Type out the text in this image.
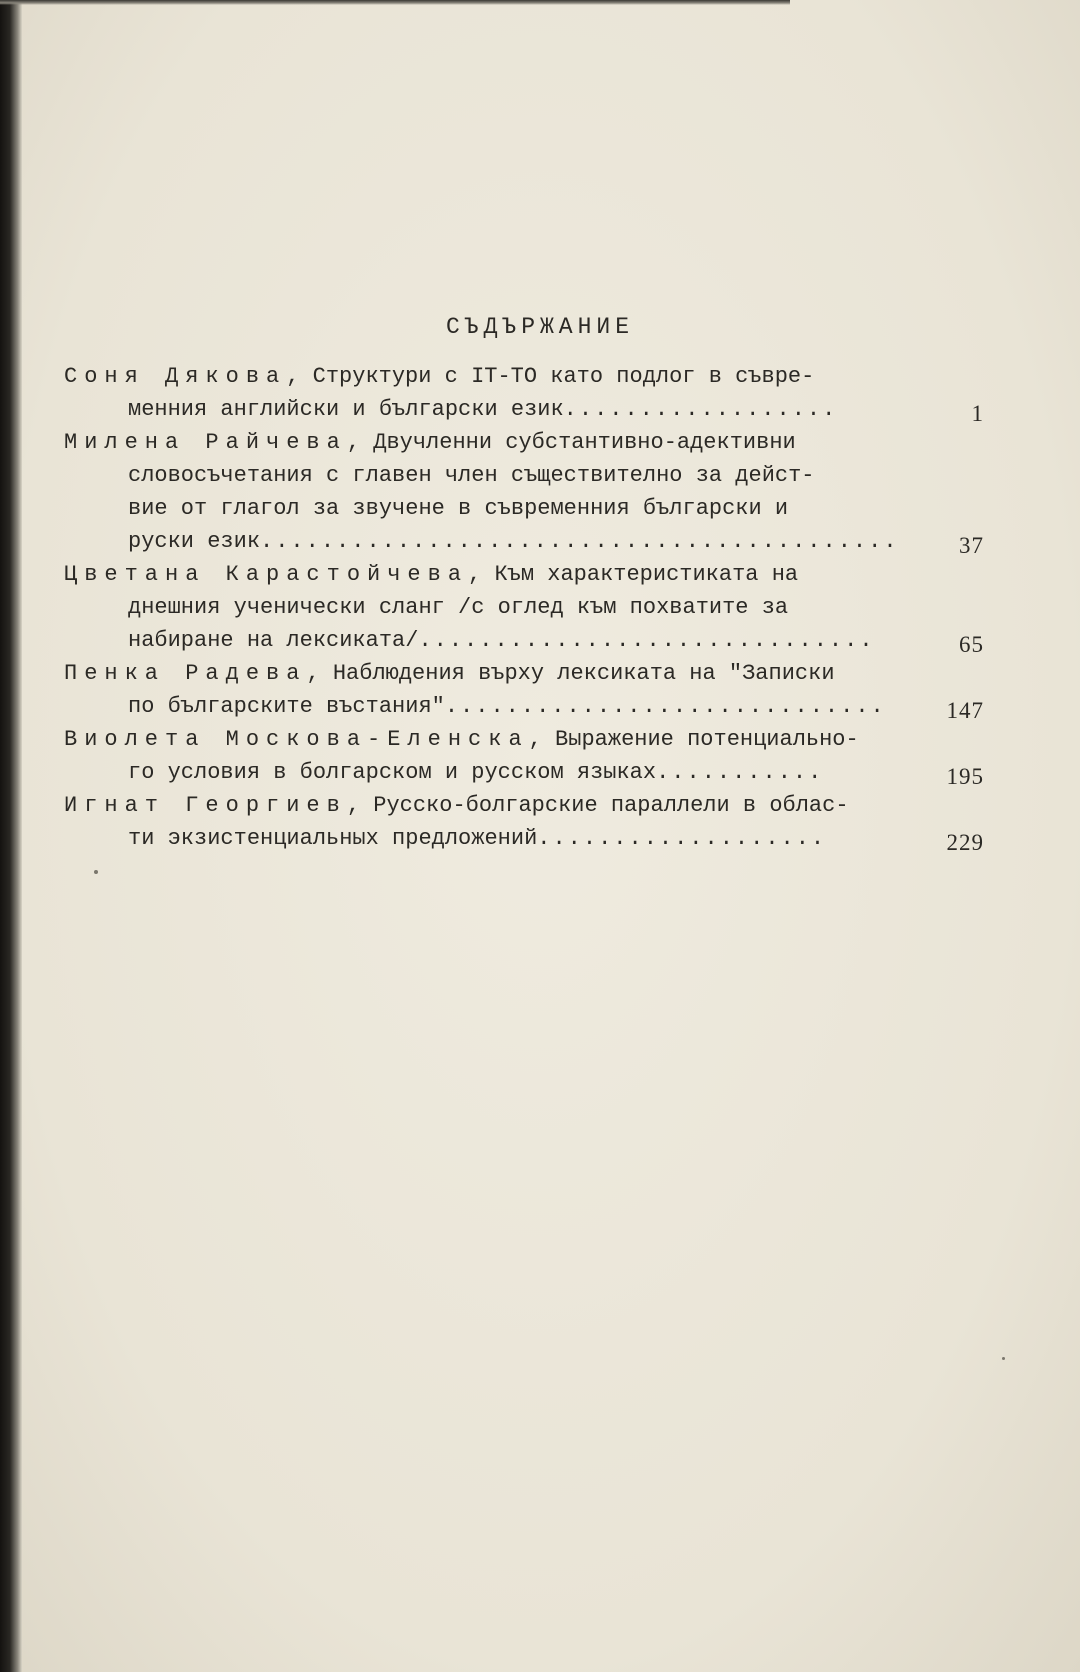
СЪДЪРЖАНИЕ
Соня Дякова, Структури с IT-TO като подлог в съвре-
менния английски и български език..................	1
Милена Райчева, Двучленни субстантивно-адективни
словосъчетания с главен член съществително за дейст-
вие от глагол за звучене в съвременния български и
руски език..........................................	37
Цветана Карастойчева, Към характеристиката на
днешния ученически сланг /с оглед към похватите за
набиране на лексиката/..............................	65
Пенка Радева, Наблюдения върху лексиката на "Записки
по българските въстания".............................	147
Виолета Москова-Еленска, Выражение потенциально-
го условия в болгарском и русском языках...........	195
Игнат Георгиев, Русско-болгарские параллели в облас-
ти экзистенциальных предложений...................	229
